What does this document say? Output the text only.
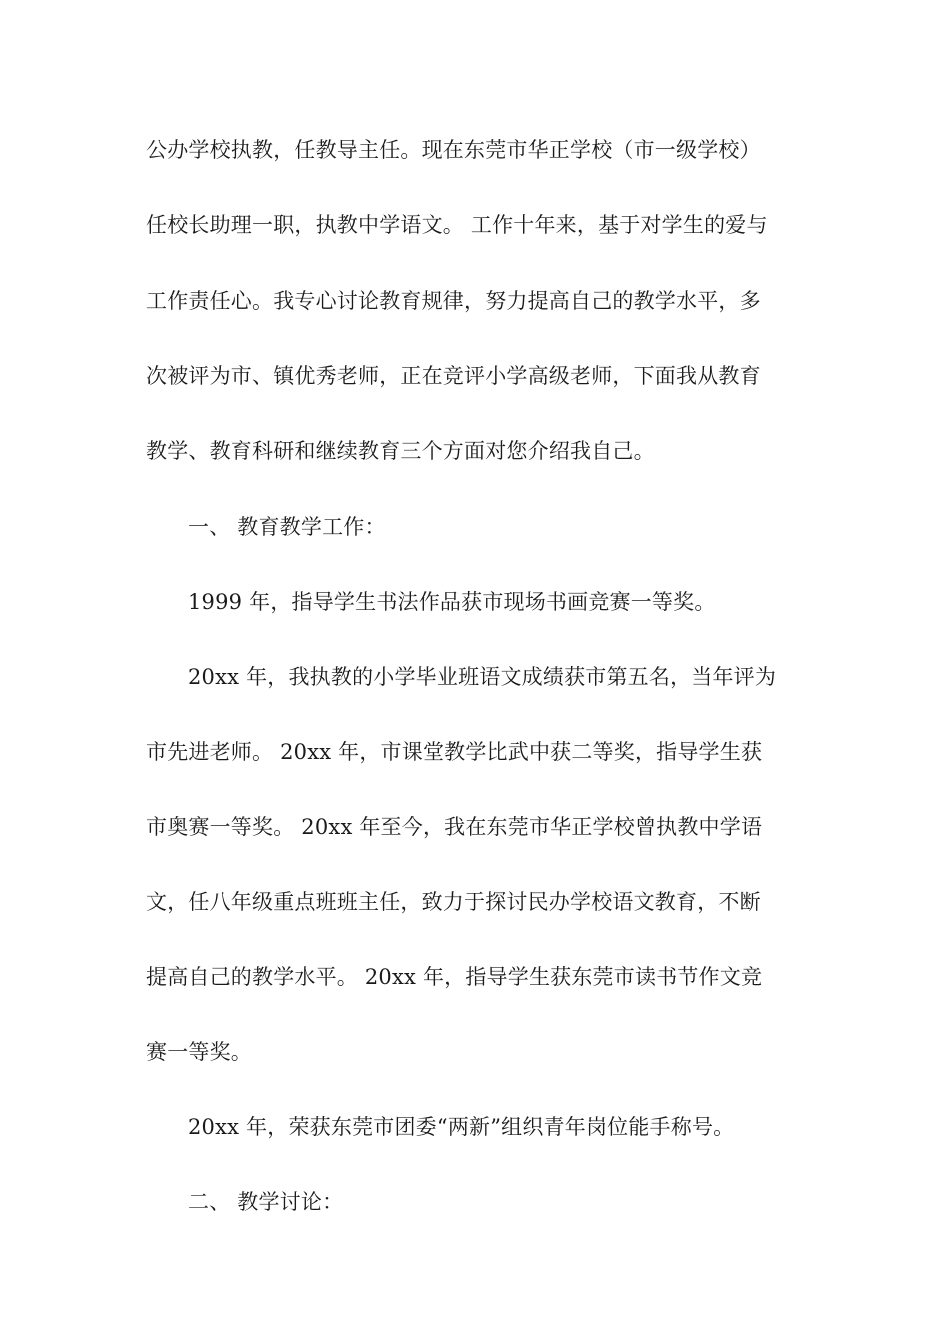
公办学校执教，任教导主任。现在东莞市华正学校（市一级学校）
任校长助理一职，执教中学语文。 工作十年来，基于对学生的爱与
工作责任心。我专心讨论教育规律，努力提高自己的教学水平，多
次被评为市、镇优秀老师，正在竞评小学高级老师，下面我从教育
教学、教育科研和继续教育三个方面对您介绍我自己。
一、 教育教学工作：
1999 年，指导学生书法作品获市现场书画竞赛一等奖。
20xx 年，我执教的小学毕业班语文成绩获市第五名，当年评为
市先进老师。 20xx 年，市课堂教学比武中获二等奖，指导学生获
市奥赛一等奖。 20xx 年至今，我在东莞市华正学校曾执教中学语
文，任八年级重点班班主任，致力于探讨民办学校语文教育，不断
提高自己的教学水平。 20xx 年，指导学生获东莞市读书节作文竞
赛一等奖。
20xx 年，荣获东莞市团委“两新”组织青年岗位能手称号。
二、 教学讨论：
